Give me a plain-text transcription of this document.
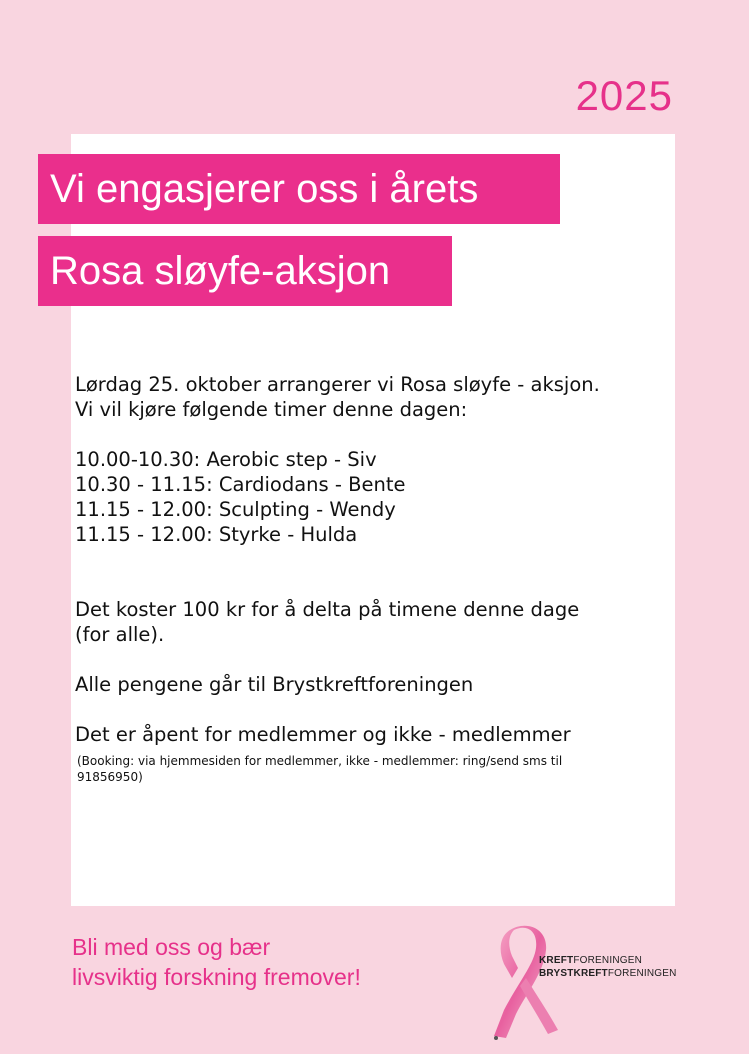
2025
Vi engasjerer oss i årets
Rosa sløyfe-aksjon

Lørdag 25. oktober arrangerer vi Rosa sløyfe - aksjon.

Vi vil kjøre følgende timer denne dagen:

10.00-10.30: Aerobic step - Siv

10.30 - 11.15: Cardiodans - Bente

11.15 - 12.00: Sculpting - Wendy

11.15 - 12.00: Styrke - Hulda

Det koster 100 kr for å delta på timene denne dage

(for alle).

Alle pengene går til Brystkreftforeningen

Det er åpent for medlemmer og ikke - medlemmer

(Booking: via hjemmesiden for medlemmer, ikke - medlemmer: ring/send sms til

91856950)

Bli med oss og bær
livsviktig forskning fremover!
KREFTFORENINGEN
BRYSTKREFTFORENINGEN
